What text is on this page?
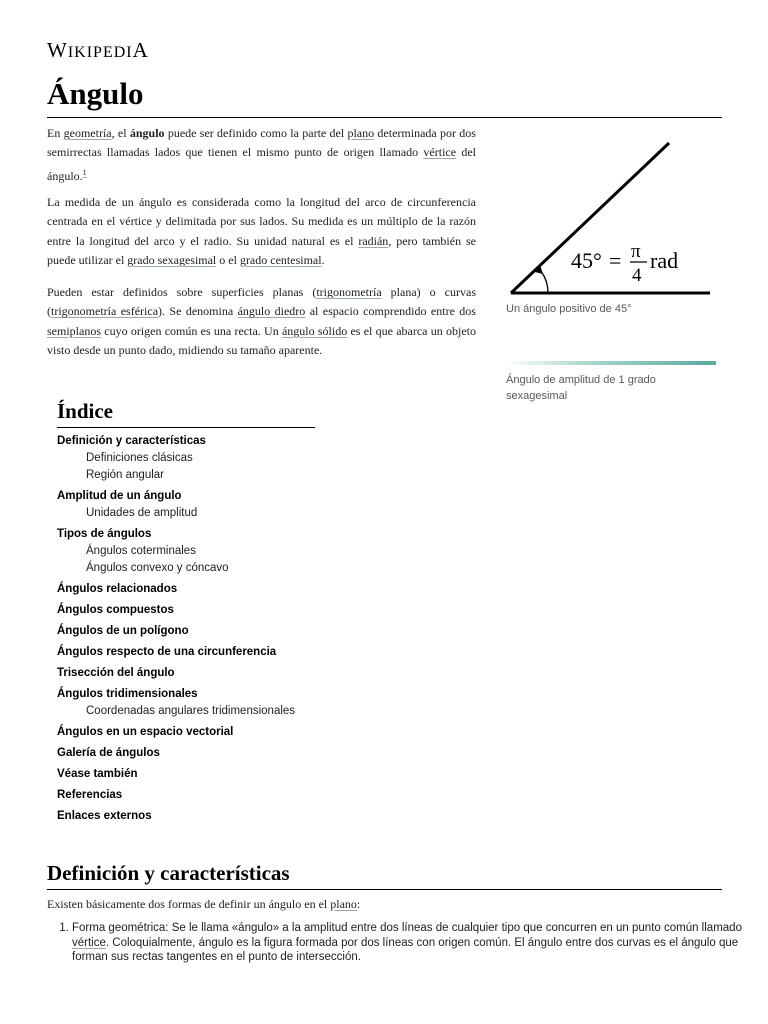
WIKIPEDIA
Ángulo

En geometría, el ángulo puede ser definido como la parte del plano determinada por dos semirrectas llamadas lados que tienen el mismo punto de origen llamado vértice del ángulo.$^1$

La medida de un ángulo es considerada como la longitud del arco de circunferencia centrada en el vértice y delimitada por sus lados. Su medida es un múltiplo de la razón entre la longitud del arco y el radio. Su unidad natural es el radián, pero también se puede utilizar el grado sexagesimal o el grado centesimal.

Pueden estar definidos sobre superficies planas (trigonometría plana) o curvas (trigonometría esférica). Se denomina ángulo diedro al espacio comprendido entre dos semiplanos cuyo origen común es una recta. Un ángulo sólido es el que abarca un objeto visto desde un punto dado, midiendo su tamaño aparente.

45° = π
4
rad
Un ángulo positivo de 45°
Ángulo de amplitud de 1 grado sexagesimal
Índice
Definición y características
Definiciones clásicas
Región angular
Amplitud de un ángulo
Unidades de amplitud
Tipos de ángulos
Ángulos coterminales
Ángulos convexo y cóncavo
Ángulos relacionados
Ángulos compuestos
Ángulos de un polígono
Ángulos respecto de una circunferencia
Trisección del ángulo
Ángulos tridimensionales
Coordenadas angulares tridimensionales
Ángulos en un espacio vectorial
Galería de ángulos
Véase también
Referencias
Enlaces externos
Definición y características

Existen básicamente dos formas de definir un ángulo en el plano:

1. Forma geométrica: Se le llama «ángulo» a la amplitud entre dos líneas de cualquier tipo que concurren en un punto común llamado vértice. Coloquialmente, ángulo es la figura formada por dos líneas con origen común. El ángulo entre dos curvas es el ángulo que forman sus rectas tangentes en el punto de intersección.
